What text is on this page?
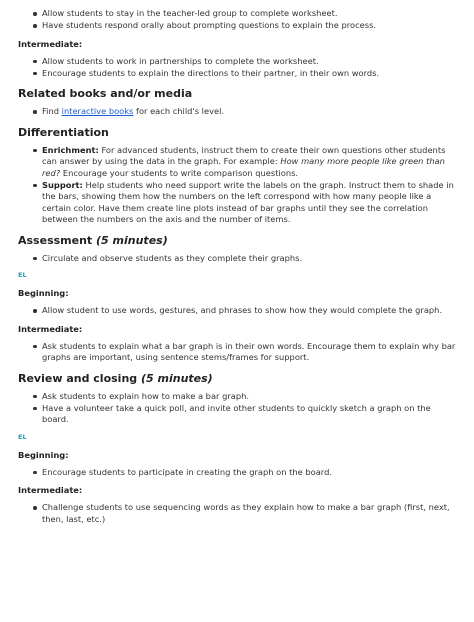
Allow students to stay in the teacher-led group to complete worksheet.
Have students respond orally about prompting questions to explain the process.
Intermediate:
Allow students to work in partnerships to complete the worksheet.
Encourage students to explain the directions to their partner, in their own words.
Related books and/or media
Find interactive books for each child's level.
Differentiation
Enrichment: For advanced students, instruct them to create their own questions other students can answer by using the data in the graph. For example: How many more people like green than red? Encourage your students to write comparison questions.
Support: Help students who need support write the labels on the graph. Instruct them to shade in the bars, showing them how the numbers on the left correspond with how many people like a certain color. Have them create line plots instead of bar graphs until they see the correlation between the numbers on the axis and the number of items.
Assessment (5 minutes)
Circulate and observe students as they complete their graphs.
EL
Beginning:
Allow student to use words, gestures, and phrases to show how they would complete the graph.
Intermediate:
Ask students to explain what a bar graph is in their own words. Encourage them to explain why bar graphs are important, using sentence stems/frames for support.
Review and closing (5 minutes)
Ask students to explain how to make a bar graph.
Have a volunteer take a quick poll, and invite other students to quickly sketch a graph on the board.
EL
Beginning:
Encourage students to participate in creating the graph on the board.
Intermediate:
Challenge students to use sequencing words as they explain how to make a bar graph (first, next, then, last, etc.)
